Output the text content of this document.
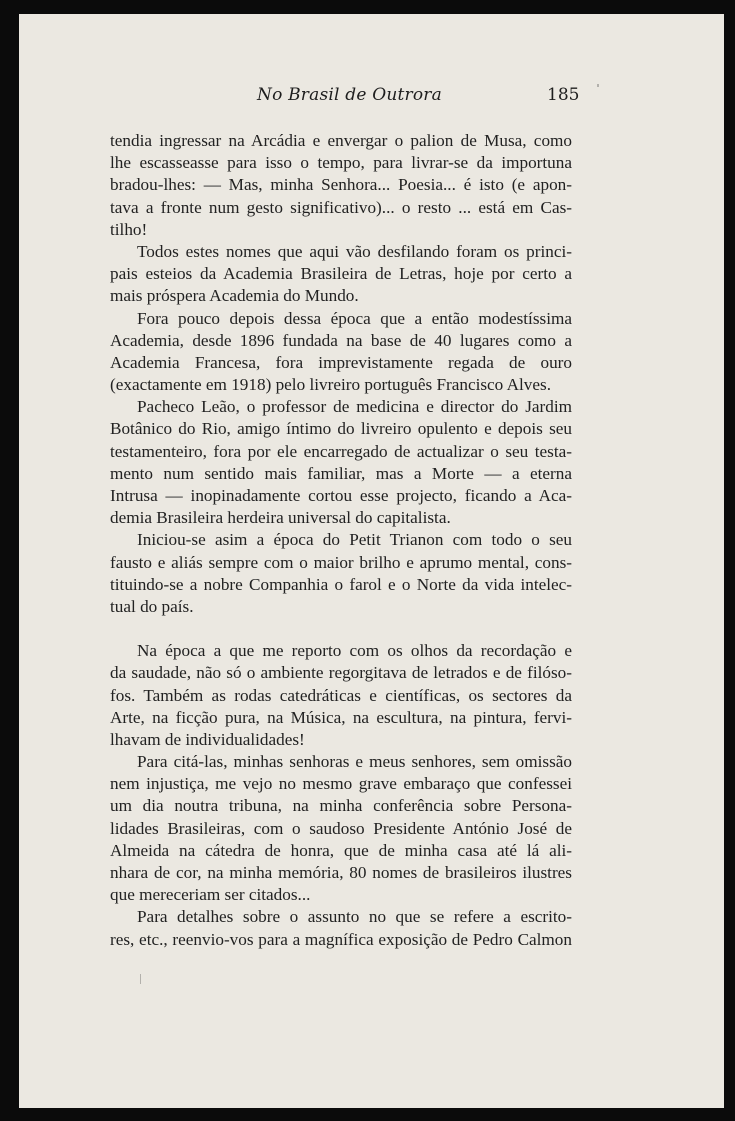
No Brasil de Outrora	185
tendia ingressar na Arcádia e envergar o palion de Musa, como
lhe escasseasse para isso o tempo, para livrar-se da importuna
bradou-lhes: — Mas, minha Senhora... Poesia... é isto (e apon-
tava a fronte num gesto significativo)... o resto ... está em Cas-
tilho!
Todos estes nomes que aqui vão desfilando foram os princi-
pais esteios da Academia Brasileira de Letras, hoje por certo a
mais próspera Academia do Mundo.
Fora pouco depois dessa época que a então modestíssima
Academia, desde 1896 fundada na base de 40 lugares como a
Academia Francesa, fora imprevistamente regada de ouro
(exactamente em 1918) pelo livreiro português Francisco Alves.
Pacheco Leão, o professor de medicina e director do Jardim
Botânico do Rio, amigo íntimo do livreiro opulento e depois seu
testamenteiro, fora por ele encarregado de actualizar o seu testa-
mento num sentido mais familiar, mas a Morte — a eterna
Intrusa — inopinadamente cortou esse projecto, ficando a Aca-
demia Brasileira herdeira universal do capitalista.
Iniciou-se asim a época do Petit Trianon com todo o seu
fausto e aliás sempre com o maior brilho e aprumo mental, cons-
tituindo-se a nobre Companhia o farol e o Norte da vida intelec-
tual do país.
Na época a que me reporto com os olhos da recordação e
da saudade, não só o ambiente regorgitava de letrados e de filóso-
fos. Também as rodas catedráticas e científicas, os sectores da
Arte, na ficção pura, na Música, na escultura, na pintura, fervi-
lhavam de individualidades!
Para citá-las, minhas senhoras e meus senhores, sem omissão
nem injustiça, me vejo no mesmo grave embaraço que confessei
um dia noutra tribuna, na minha conferência sobre Persona-
lidades Brasileiras, com o saudoso Presidente António José de
Almeida na cátedra de honra, que de minha casa até lá ali-
nhara de cor, na minha memória, 80 nomes de brasileiros ilustres
que mereceriam ser citados...
Para detalhes sobre o assunto no que se refere a escrito-
res, etc., reenvio-vos para a magnífica exposição de Pedro Calmon
